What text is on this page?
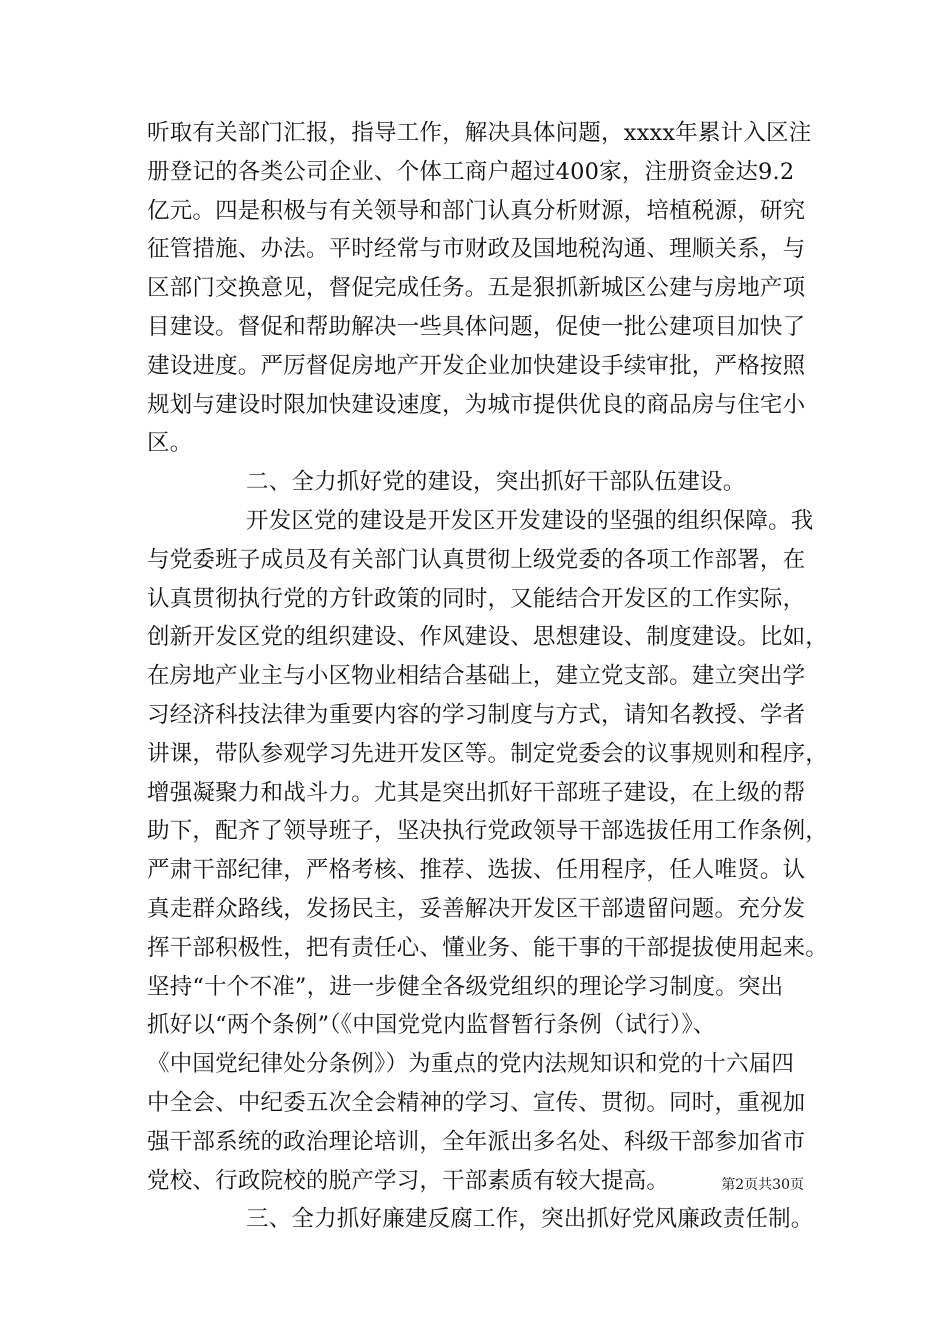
听取有关部门汇报，指导工作，解决具体问题，xxxx年累计入区注
册登记的各类公司企业、个体工商户超过400家，注册资金达9.2
亿元。四是积极与有关领导和部门认真分析财源，培植税源，研究
征管措施、办法。平时经常与市财政及国地税沟通、理顺关系，与
区部门交换意见，督促完成任务。五是狠抓新城区公建与房地产项
目建设。督促和帮助解决一些具体问题，促使一批公建项目加快了
建设进度。严厉督促房地产开发企业加快建设手续审批，严格按照
规划与建设时限加快建设速度，为城市提供优良的商品房与住宅小
区。
二、全力抓好党的建设，突出抓好干部队伍建设。
开发区党的建设是开发区开发建设的坚强的组织保障。我
与党委班子成员及有关部门认真贯彻上级党委的各项工作部署，在
认真贯彻执行党的方针政策的同时，又能结合开发区的工作实际，
创新开发区党的组织建设、作风建设、思想建设、制度建设。比如，
在房地产业主与小区物业相结合基础上，建立党支部。建立突出学
习经济科技法律为重要内容的学习制度与方式，请知名教授、学者
讲课，带队参观学习先进开发区等。制定党委会的议事规则和程序，
增强凝聚力和战斗力。尤其是突出抓好干部班子建设，在上级的帮
助下，配齐了领导班子，坚决执行党政领导干部选拔任用工作条例，
严肃干部纪律，严格考核、推荐、选拔、任用程序，任人唯贤。认
真走群众路线，发扬民主，妥善解决开发区干部遗留问题。充分发
挥干部积极性，把有责任心、懂业务、能干事的干部提拔使用起来。
坚持“十个不准”，进一步健全各级党组织的理论学习制度。突出
抓好以“两个条例”（《中国党党内监督暂行条例（试行）》、
《中国党纪律处分条例》）为重点的党内法规知识和党的十六届四
中全会、中纪委五次全会精神的学习、宣传、贯彻。同时，重视加
强干部系统的政治理论培训，全年派出多名处、科级干部参加省市
党校、行政院校的脱产学习，干部素质有较大提高。
三、全力抓好廉建反腐工作，突出抓好党风廉政责任制。
第2页共30页
